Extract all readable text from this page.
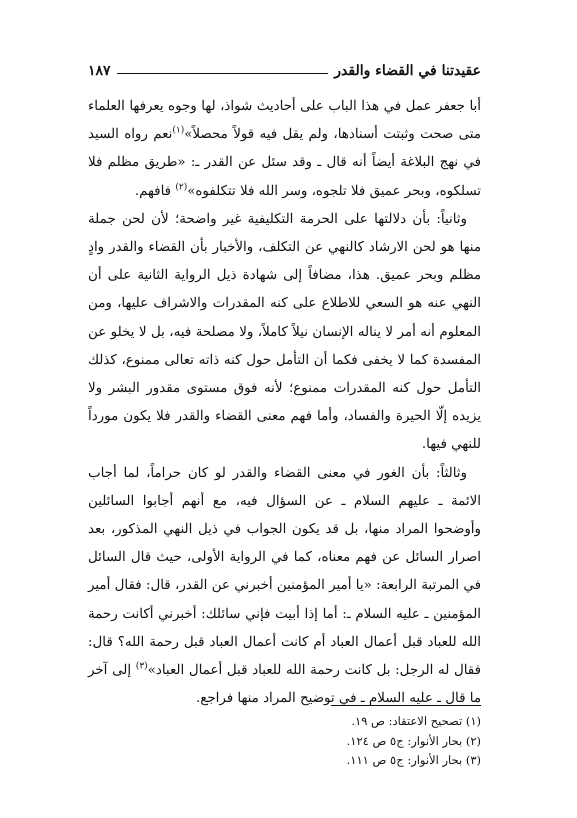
عقيدتنا في القضاء والقدر
١٨٧

أبا جعفر عمل في هذا الباب على أحاديث شواذ، لها وجوه يعرفها العلماء متى صحت وثبتت أسنادها، ولم يقل فيه قولاً محصلاً»$^{(١)}$نعم رواه السيد في نهج البلاغة أيضاً أنه قال ـ وقد سئل عن القدر ـ: «طريق مظلم فلا تسلكوه، وبحر عميق فلا تلجوه، وسر الله فلا تتكلفوه»$^{(٢)}$ فافهم.

وثانياً: بأن دلالتها على الحرمة التكليفية غير واضحة؛ لأن لحن جملة منها هو لحن الارشاد كالنهي عن التكلف، والأخبار بأن القضاء والقدر وادٍ مظلم وبحر عميق. هذا، مضافاً إلى شهادة ذيل الرواية الثانية على أن النهي عنه هو السعي للاطلاع على كنه المقدرات والاشراف عليها، ومن المعلوم أنه أمر لا يناله الإنسان نيلاً كاملاً، ولا مصلحة فيه، بل لا يخلو عن المفسدة كما لا يخفى فكما أن التأمل حول كنه ذاته تعالى ممنوع، كذلك التأمل حول كنه المقدرات ممنوع؛ لأنه فوق مستوى مقدور البشر ولا يزيده إلّا الحيرة والفساد، وأما فهم معنى القضاء والقدر فلا يكون مورداً للنهي فيها.

وثالثاً: بأن الغور في معنى القضاء والقدر لو كان حراماً، لما أجاب الائمة ـ عليهم السلام ـ عن السؤال فيه، مع أنهم أجابوا السائلين وأوضحوا المراد منها، بل قد يكون الجواب في ذيل النهي المذكور، بعد اصرار السائل عن فهم معناه، كما في الرواية الأولى، حيث قال السائل في المرتبة الرابعة: «يا أمير المؤمنين أخبرني عن القدر، قال: فقال أمير المؤمنين ـ عليه السلام ـ: أما إذا أبيت فإني سائلك: أخبرني أكانت رحمة الله للعباد قبل أعمال العباد أم كانت أعمال العباد قبل رحمة الله؟ قال: فقال له الرجل: بل كانت رحمة الله للعباد قبل أعمال العباد»$^{(٣)}$ إلى آخر ما قال ـ عليه السلام ـ في توضيح المراد منها فراجع.

(١) تصحيح الاعتقاد: ص ١٩.
(٢) بحار الأنوار: ج٥ ص ١٢٤.
(٣) بحار الأنوار: ج٥ ص ١١١.
